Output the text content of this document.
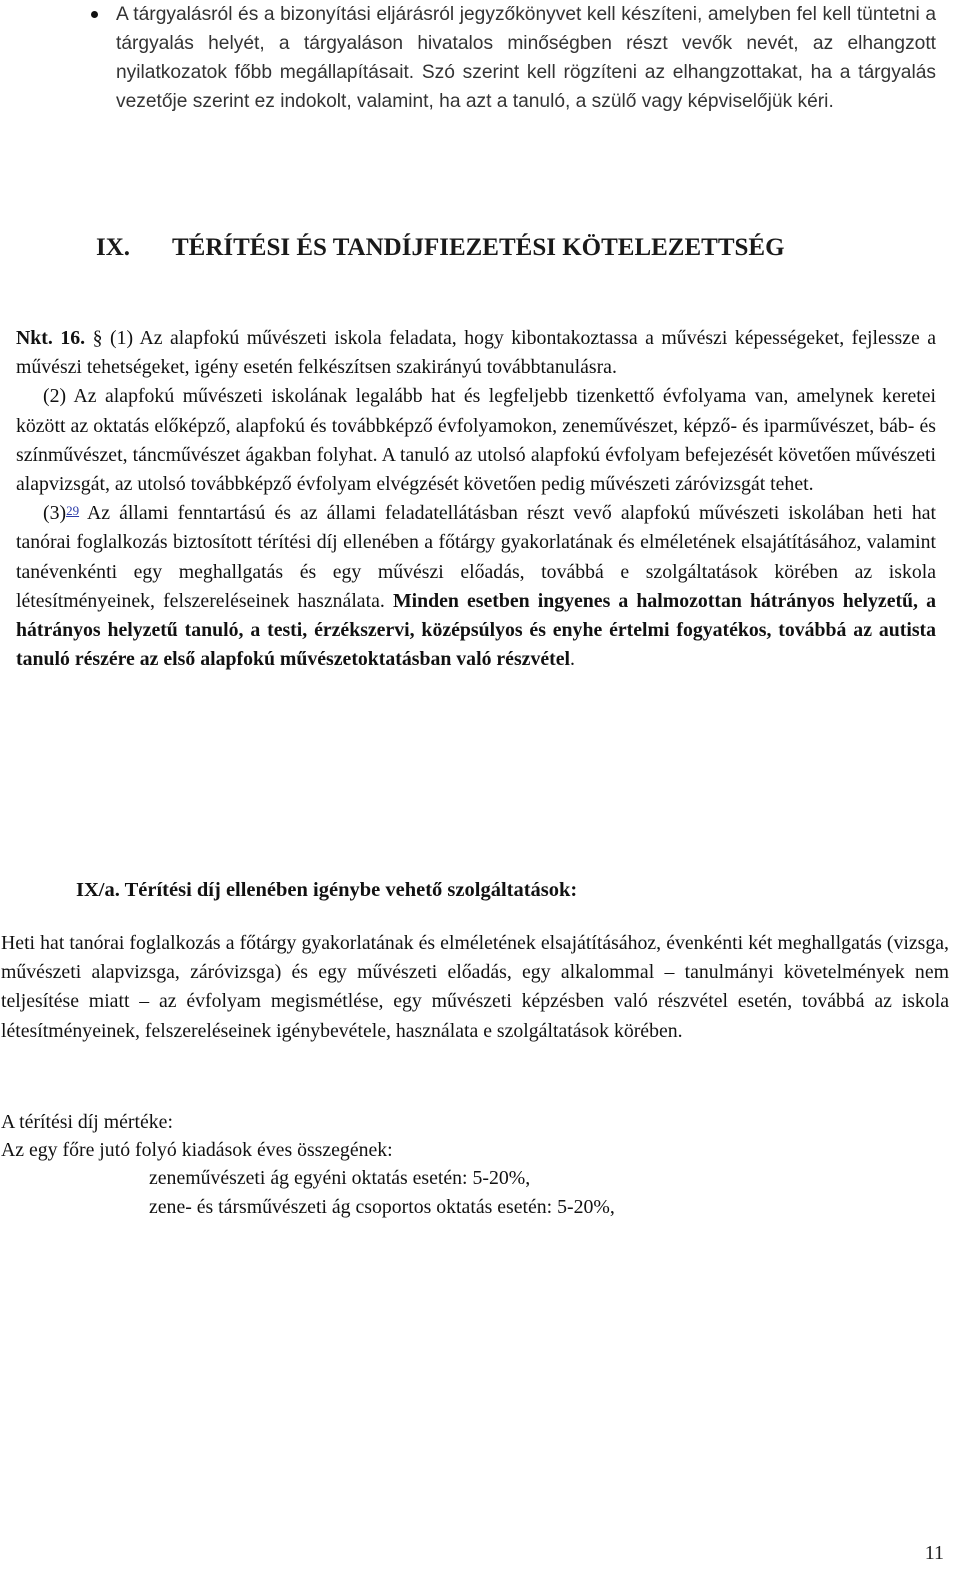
A tárgyalásról és a bizonyítási eljárásról jegyzőkönyvet kell készíteni, amelyben fel kell tüntetni a tárgyalás helyét, a tárgyaláson hivatalos minőségben részt vevők nevét, az elhangzott nyilatkozatok főbb megállapításait. Szó szerint kell rögzíteni az elhangzottakat, ha a tárgyalás vezetője szerint ez indokolt, valamint, ha azt a tanuló, a szülő vagy képviselőjük kéri.

IX. TÉRÍTÉSI ÉS TANDÍJFIEZETÉSI KÖTELEZETTSÉG

Nkt. 16. § (1) Az alapfokú művészeti iskola feladata, hogy kibontakoztassa a művészi képességeket, fejlessze a művészi tehetségeket, igény esetén felkészítsen szakirányú továbbtanulásra.

(2) Az alapfokú művészeti iskolának legalább hat és legfeljebb tizenkettő évfolyama van, amelynek keretei között az oktatás előképző, alapfokú és továbbképző évfolyamokon, zeneművészet, képző- és iparművészet, báb- és színművészet, táncművészet ágakban folyhat. A tanuló az utolsó alapfokú évfolyam befejezését követően művészeti alapvizsgát, az utolsó továbbképző évfolyam elvégzését követően pedig művészeti záróvizsgát tehet.

$(3)^{29}$ Az állami fenntartású és az állami feladatellátásban részt vevő alapfokú művészeti iskolában heti hat tanórai foglalkozás biztosított térítési díj ellenében a főtárgy gyakorlatának és elméletének elsajátításához, valamint tanévenkénti egy meghallgatás és egy művészi előadás, továbbá e szolgáltatások körében az iskola létesítményeinek, felszereléseinek használata. Minden esetben ingyenes a halmozottan hátrányos helyzetű, a hátrányos helyzetű tanuló, a testi, érzékszervi, középsúlyos és enyhe értelmi fogyatékos, továbbá az autista tanuló részére az első alapfokú művészetoktatásban való részvétel.

IX/a. Térítési díj ellenében igénybe vehető szolgáltatások:

Heti hat tanórai foglalkozás a főtárgy gyakorlatának és elméletének elsajátításához, évenkénti két meghallgatás (vizsga, művészeti alapvizsga, záróvizsga) és egy művészeti előadás, egy alkalommal – tanulmányi követelmények nem teljesítése miatt – az évfolyam megismétlése, egy művészeti képzésben való részvétel esetén, továbbá az iskola létesítményeinek, felszereléseinek igénybevétele, használata e szolgáltatások körében.

A térítési díj mértéke:

Az egy főre jutó folyó kiadások éves összegének:

zeneművészeti ág egyéni oktatás esetén: 5-20%,

zene- és társművészeti ág csoportos oktatás esetén: 5-20%,

11
